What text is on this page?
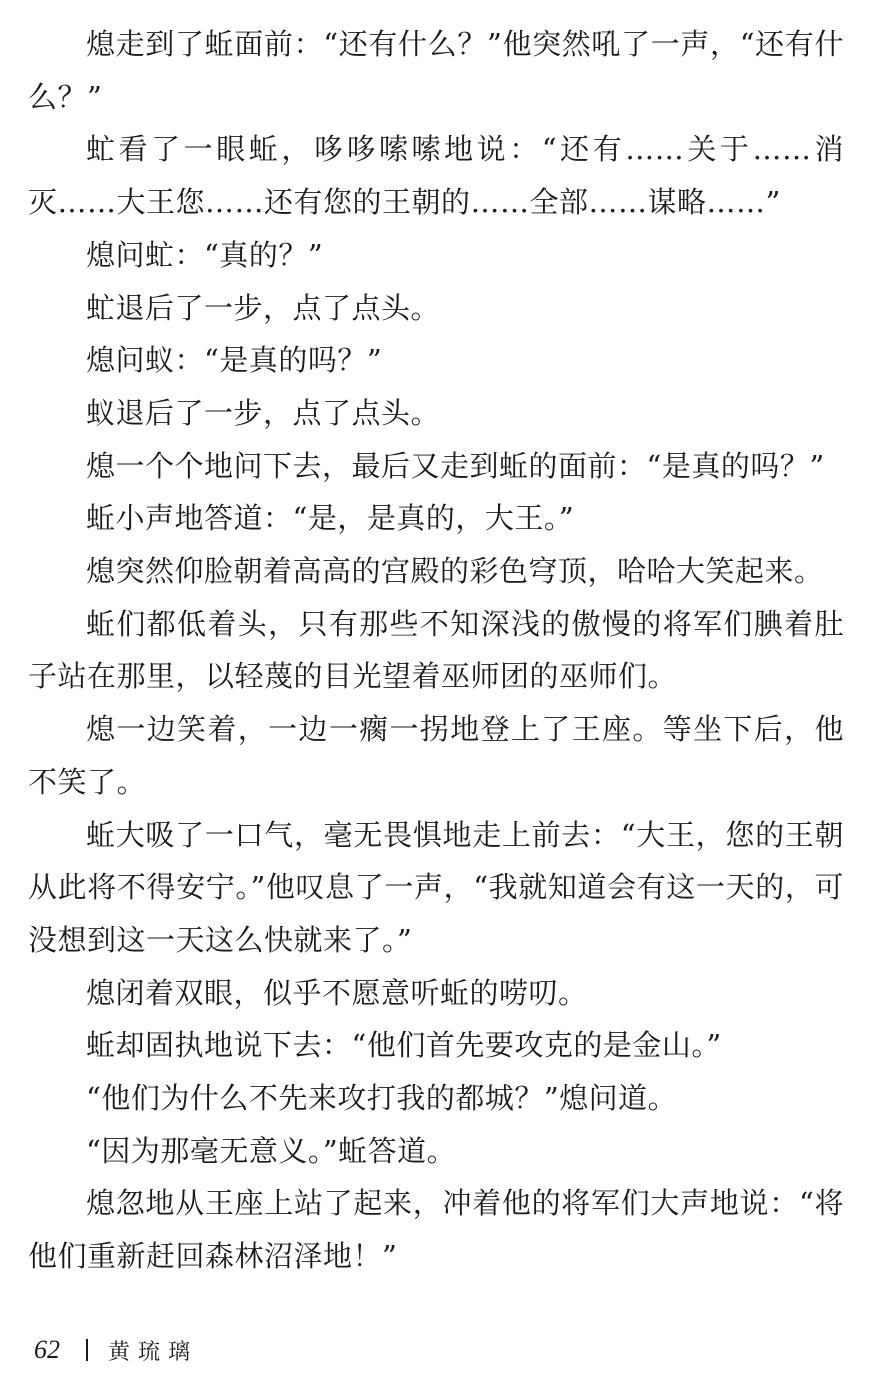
熄走到了蚯面前：“还有什么？”他突然吼了一声，“还有什么？”

虻看了一眼蚯，哆哆嗦嗦地说：“还有……关于……消灭……大王您……还有您的王朝的……全部……谋略……”

熄问虻：“真的？”

虻退后了一步，点了点头。

熄问蚁：“是真的吗？”

蚁退后了一步，点了点头。

熄一个个地问下去，最后又走到蚯的面前：“是真的吗？”

蚯小声地答道：“是，是真的，大王。”

熄突然仰脸朝着高高的宫殿的彩色穹顶，哈哈大笑起来。

蚯们都低着头，只有那些不知深浅的傲慢的将军们腆着肚子站在那里，以轻蔑的目光望着巫师团的巫师们。

熄一边笑着，一边一瘸一拐地登上了王座。等坐下后，他不笑了。

蚯大吸了一口气，毫无畏惧地走上前去：“大王，您的王朝从此将不得安宁。”他叹息了一声，“我就知道会有这一天的，可没想到这一天这么快就来了。”

熄闭着双眼，似乎不愿意听蚯的唠叨。

蚯却固执地说下去：“他们首先要攻克的是金山。”

“他们为什么不先来攻打我的都城？”熄问道。

“因为那毫无意义。”蚯答道。

熄忽地从王座上站了起来，冲着他的将军们大声地说：“将他们重新赶回森林沼泽地！”

62 黄琉璃
